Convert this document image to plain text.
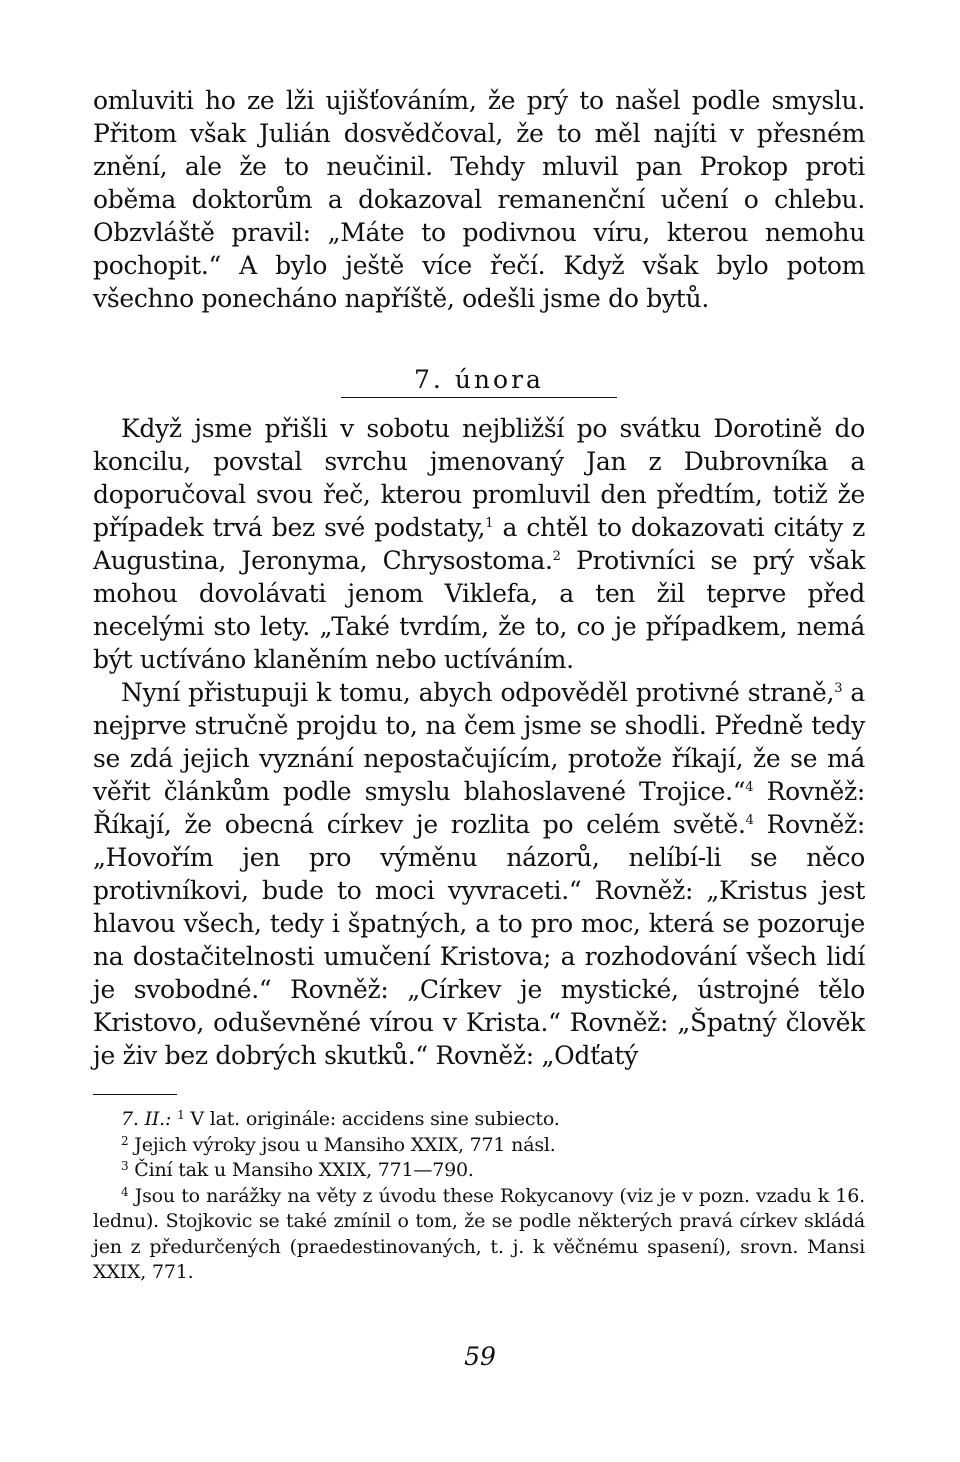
omluviti ho ze lži ujišťováním, že prý to našel podle smyslu. Přitom však Julián dosvědčoval, že to měl najíti v přesném znění, ale že to neučinil. Tehdy mluvil pan Prokop proti oběma doktorům a dokazoval remanenční učení o chlebu. Obzvláště pravil: „Máte to podivnou víru, kterou nemohu pochopit.“ A bylo ještě více řečí. Když však bylo potom všechno ponecháno napříště, odešli jsme do bytů.

7. února

Když jsme přišli v sobotu nejbližší po svátku Dorotině do koncilu, povstal svrchu jmenovaný Jan z Dubrovníka a doporučoval svou řeč, kterou promluvil den předtím, totiž že případek trvá bez své podstaty,$^1$ a chtěl to dokazovati citáty z Augustina, Jeronyma, Chrysostoma.$^2$ Protivníci se prý však mohou dovolávati jenom Viklefa, a ten žil teprve před necelými sto lety. „Také tvrdím, že to, co je případkem, nemá být uctíváno klaněním nebo uctíváním.

Nyní přistupuji k tomu, abych odpověděl protivné straně,$^3$ a nejprve stručně projdu to, na čem jsme se shodli. Předně tedy se zdá jejich vyznání nepostačujícím, protože říkají, že se má věřit článkům podle smyslu blahoslavené Trojice.“$^4$ Rovněž: Říkají, že obecná církev je rozlita po celém světě.$^4$ Rovněž: „Hovořím jen pro výměnu názorů, nelíbí-li se něco protivníkovi, bude to moci vyvraceti.“ Rovněž: „Kristus jest hlavou všech, tedy i špatných, a to pro moc, která se pozoruje na dostačitelnosti umučení Kristova; a rozhodování všech lidí je svobodné.“ Rovněž: „Církev je mystické, ústrojné tělo Kristovo, oduševněné vírou v Krista.“ Rovněž: „Špatný člověk je živ bez dobrých skutků.“ Rovněž: „Odťatý

7. II.: $^1$ V lat. originále: accidens sine subiecto.

$^2$ Jejich výroky jsou u Mansiho XXIX, 771 násl.

$^3$ Činí tak u Mansiho XXIX, 771—790.

$^4$ Jsou to narážky na věty z úvodu these Rokycanovy (viz je v pozn. vzadu k 16. lednu). Stojkovic se také zmínil o tom, že se podle některých pravá církev skládá jen z předurčených (praedestinovaných, t. j. k věčnému spasení), srovn. Mansi XXIX, 771.

59
